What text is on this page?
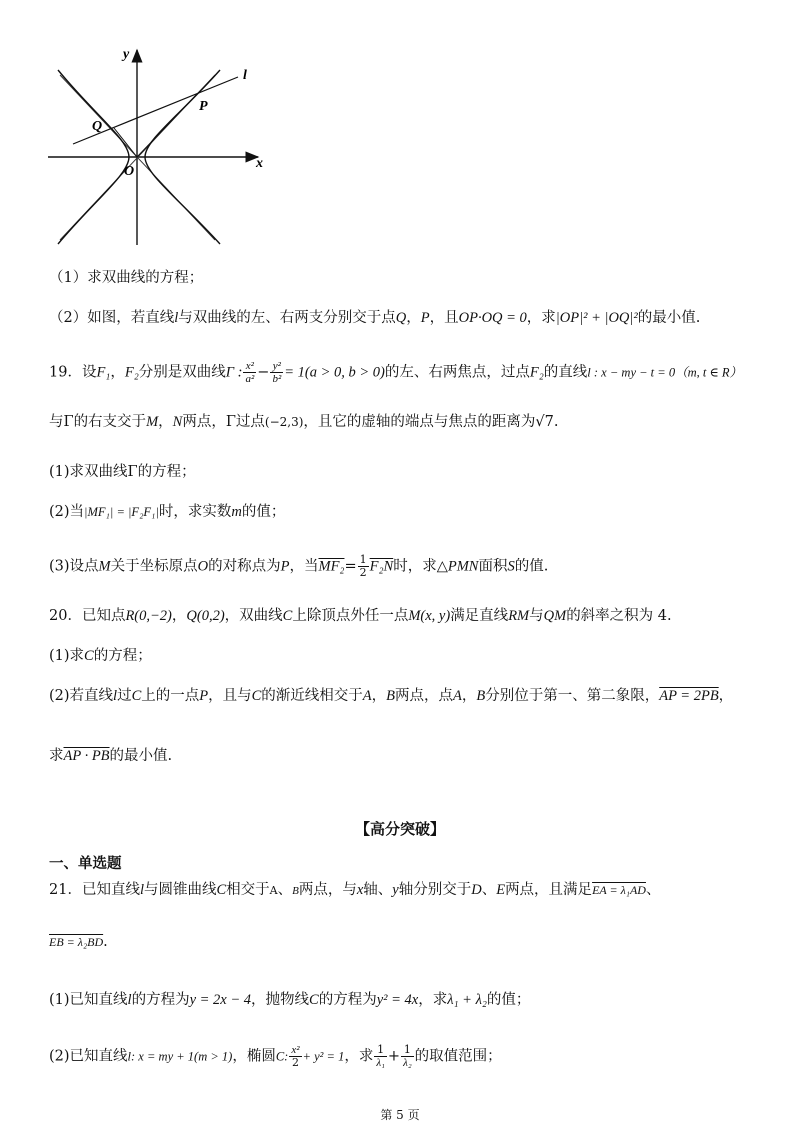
y
x
l
P
Q
O
（1）求双曲线的方程；
（2）如图，若直线l与双曲线的左、右两支分别交于点Q，P，且OP·OQ = 0，求|OP|² + |OQ|²的最小值.
19．设F₁，F₂分别是双曲线Γ : $\frac{\text{x²}}{\text{a²}} - \frac{\text{y²}}{\text{b²}} = 1(a > 0$, b > 0)的左、右两焦点，过点F₂的直线l : x − my − t = 0（m, t ∈ R）
与Γ的右支交于M，N两点，Γ过点(−2,3)，且它的虚轴的端点与焦点的距离为√7.
(1)求双曲线Γ的方程；
(2)当|MF₁| = |F₂F₁|时，求实数m的值；
(3)设点M关于坐标原点O的对称点为P，当$MF_2= \frac{1}{2} F_2N$时，求△PMN面积S的值.
20．已知点R(0,−2)，Q(0,2)，双曲线C上除顶点外任一点M(x, y)满足直线RM与QM的斜率之积为 4.
(1)求C的方程；
(2)若直线l过C上的一点P，且与C的渐近线相交于A，B两点，点A，B分别位于第一、第二象限，AP = 2PB，
求AP · PB的最小值.
【高分突破】
一、单选题
21．已知直线l与圆锥曲线C相交于A、B两点，与x轴、y轴分别交于D、E两点，且满足EA = λ₁AD、
EB = λ₂BD.
(1)已知直线l的方程为y = 2x − 4，抛物线C的方程为y² = 4x，求λ₁ + λ₂的值；
(2)已知直线l: x = my + 1(m > 1)，椭圆C: $\frac{\text{x²}}{2} + y^2 = 1$，求 $\frac{1}{\text{λ₁}} + \frac{1}{\text{λ₂}}$ 的取值范围；
第 5 页
